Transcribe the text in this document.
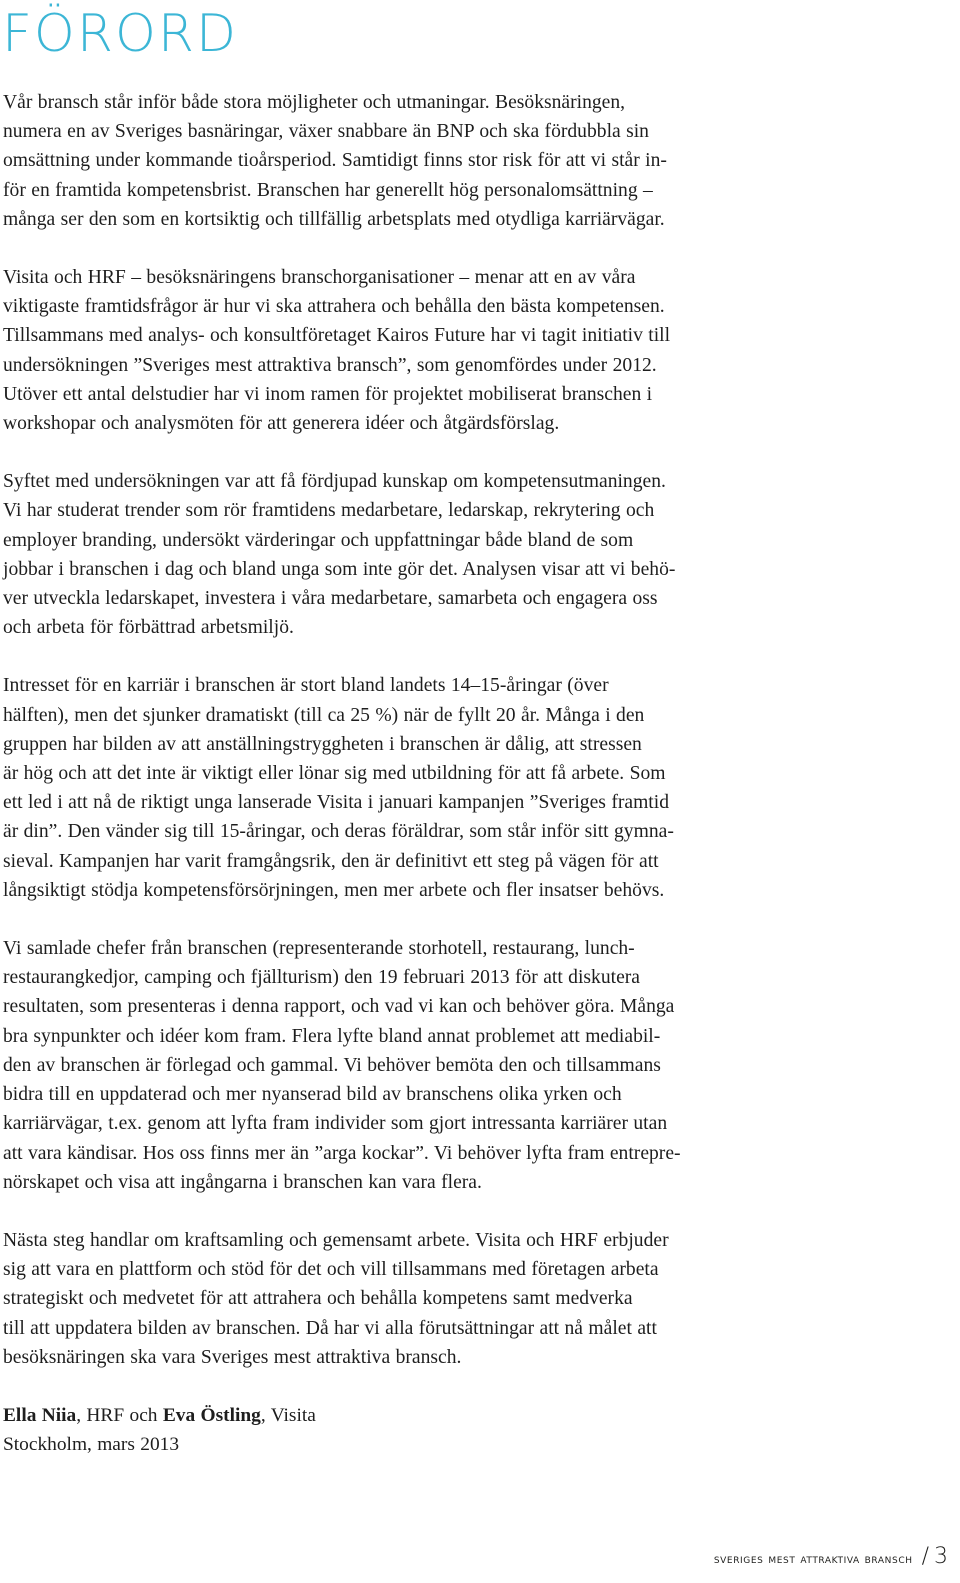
FÖRORD

Vår bransch står inför både stora möjligheter och utmaningar. Besöksnäringen,
numera en av Sveriges basnäringar, växer snabbare än BNP och ska fördubbla sin
omsättning under kommande tioårsperiod. Samtidigt finns stor risk för att vi står in-
för en framtida kompetensbrist. Branschen har generellt hög personalomsättning –
många ser den som en kortsiktig och tillfällig arbetsplats med otydliga karriärvägar.

Visita och HRF – besöksnäringens branschorganisationer – menar att en av våra
viktigaste framtidsfrågor är hur vi ska attrahera och behålla den bästa kompetensen.
Tillsammans med analys- och konsultföretaget Kairos Future har vi tagit initiativ till
undersökningen ”Sveriges mest attraktiva bransch”, som genomfördes under 2012.
Utöver ett antal delstudier har vi inom ramen för projektet mobiliserat branschen i
workshopar och analysmöten för att generera idéer och åtgärdsförslag.

Syftet med undersökningen var att få fördjupad kunskap om kompetensutmaningen.
Vi har studerat trender som rör framtidens medarbetare, ledarskap, rekrytering och
employer branding, undersökt värderingar och uppfattningar både bland de som
jobbar i branschen i dag och bland unga som inte gör det. Analysen visar att vi behö-
ver utveckla ledarskapet, investera i våra medarbetare, samarbeta och engagera oss
och arbeta för förbättrad arbetsmiljö.

Intresset för en karriär i branschen är stort bland landets 14–15-åringar (över
hälften), men det sjunker dramatiskt (till ca 25 %) när de fyllt 20 år. Många i den
gruppen har bilden av att anställningstryggheten i branschen är dålig, att stressen
är hög och att det inte är viktigt eller lönar sig med utbildning för att få arbete. Som
ett led i att nå de riktigt unga lanserade Visita i januari kampanjen ”Sveriges framtid
är din”. Den vänder sig till 15-åringar, och deras föräldrar, som står inför sitt gymna-
sieval. Kampanjen har varit framgångsrik, den är definitivt ett steg på vägen för att
långsiktigt stödja kompetensförsörjningen, men mer arbete och fler insatser behövs.

Vi samlade chefer från branschen (representerande storhotell, restaurang, lunch-
restaurangkedjor, camping och fjällturism) den 19 februari 2013 för att diskutera
resultaten, som presenteras i denna rapport, och vad vi kan och behöver göra. Många
bra synpunkter och idéer kom fram. Flera lyfte bland annat problemet att mediabil-
den av branschen är förlegad och gammal. Vi behöver bemöta den och tillsammans
bidra till en uppdaterad och mer nyanserad bild av branschens olika yrken och
karriärvägar, t.ex. genom att lyfta fram individer som gjort intressanta karriärer utan
att vara kändisar. Hos oss finns mer än ”arga kockar”. Vi behöver lyfta fram entrepre-
nörskapet och visa att ingångarna i branschen kan vara flera.

Nästa steg handlar om kraftsamling och gemensamt arbete. Visita och HRF erbjuder
sig att vara en plattform och stöd för det och vill tillsammans med företagen arbeta
strategiskt och medvetet för att attrahera och behålla kompetens samt medverka
till att uppdatera bilden av branschen. Då har vi alla förutsättningar att nå målet att
besöksnäringen ska vara Sveriges mest attraktiva bransch.

Ella Niia, HRF och Eva Östling, Visita
Stockholm, mars 2013

sveriges mest attraktiva bransch / 3
